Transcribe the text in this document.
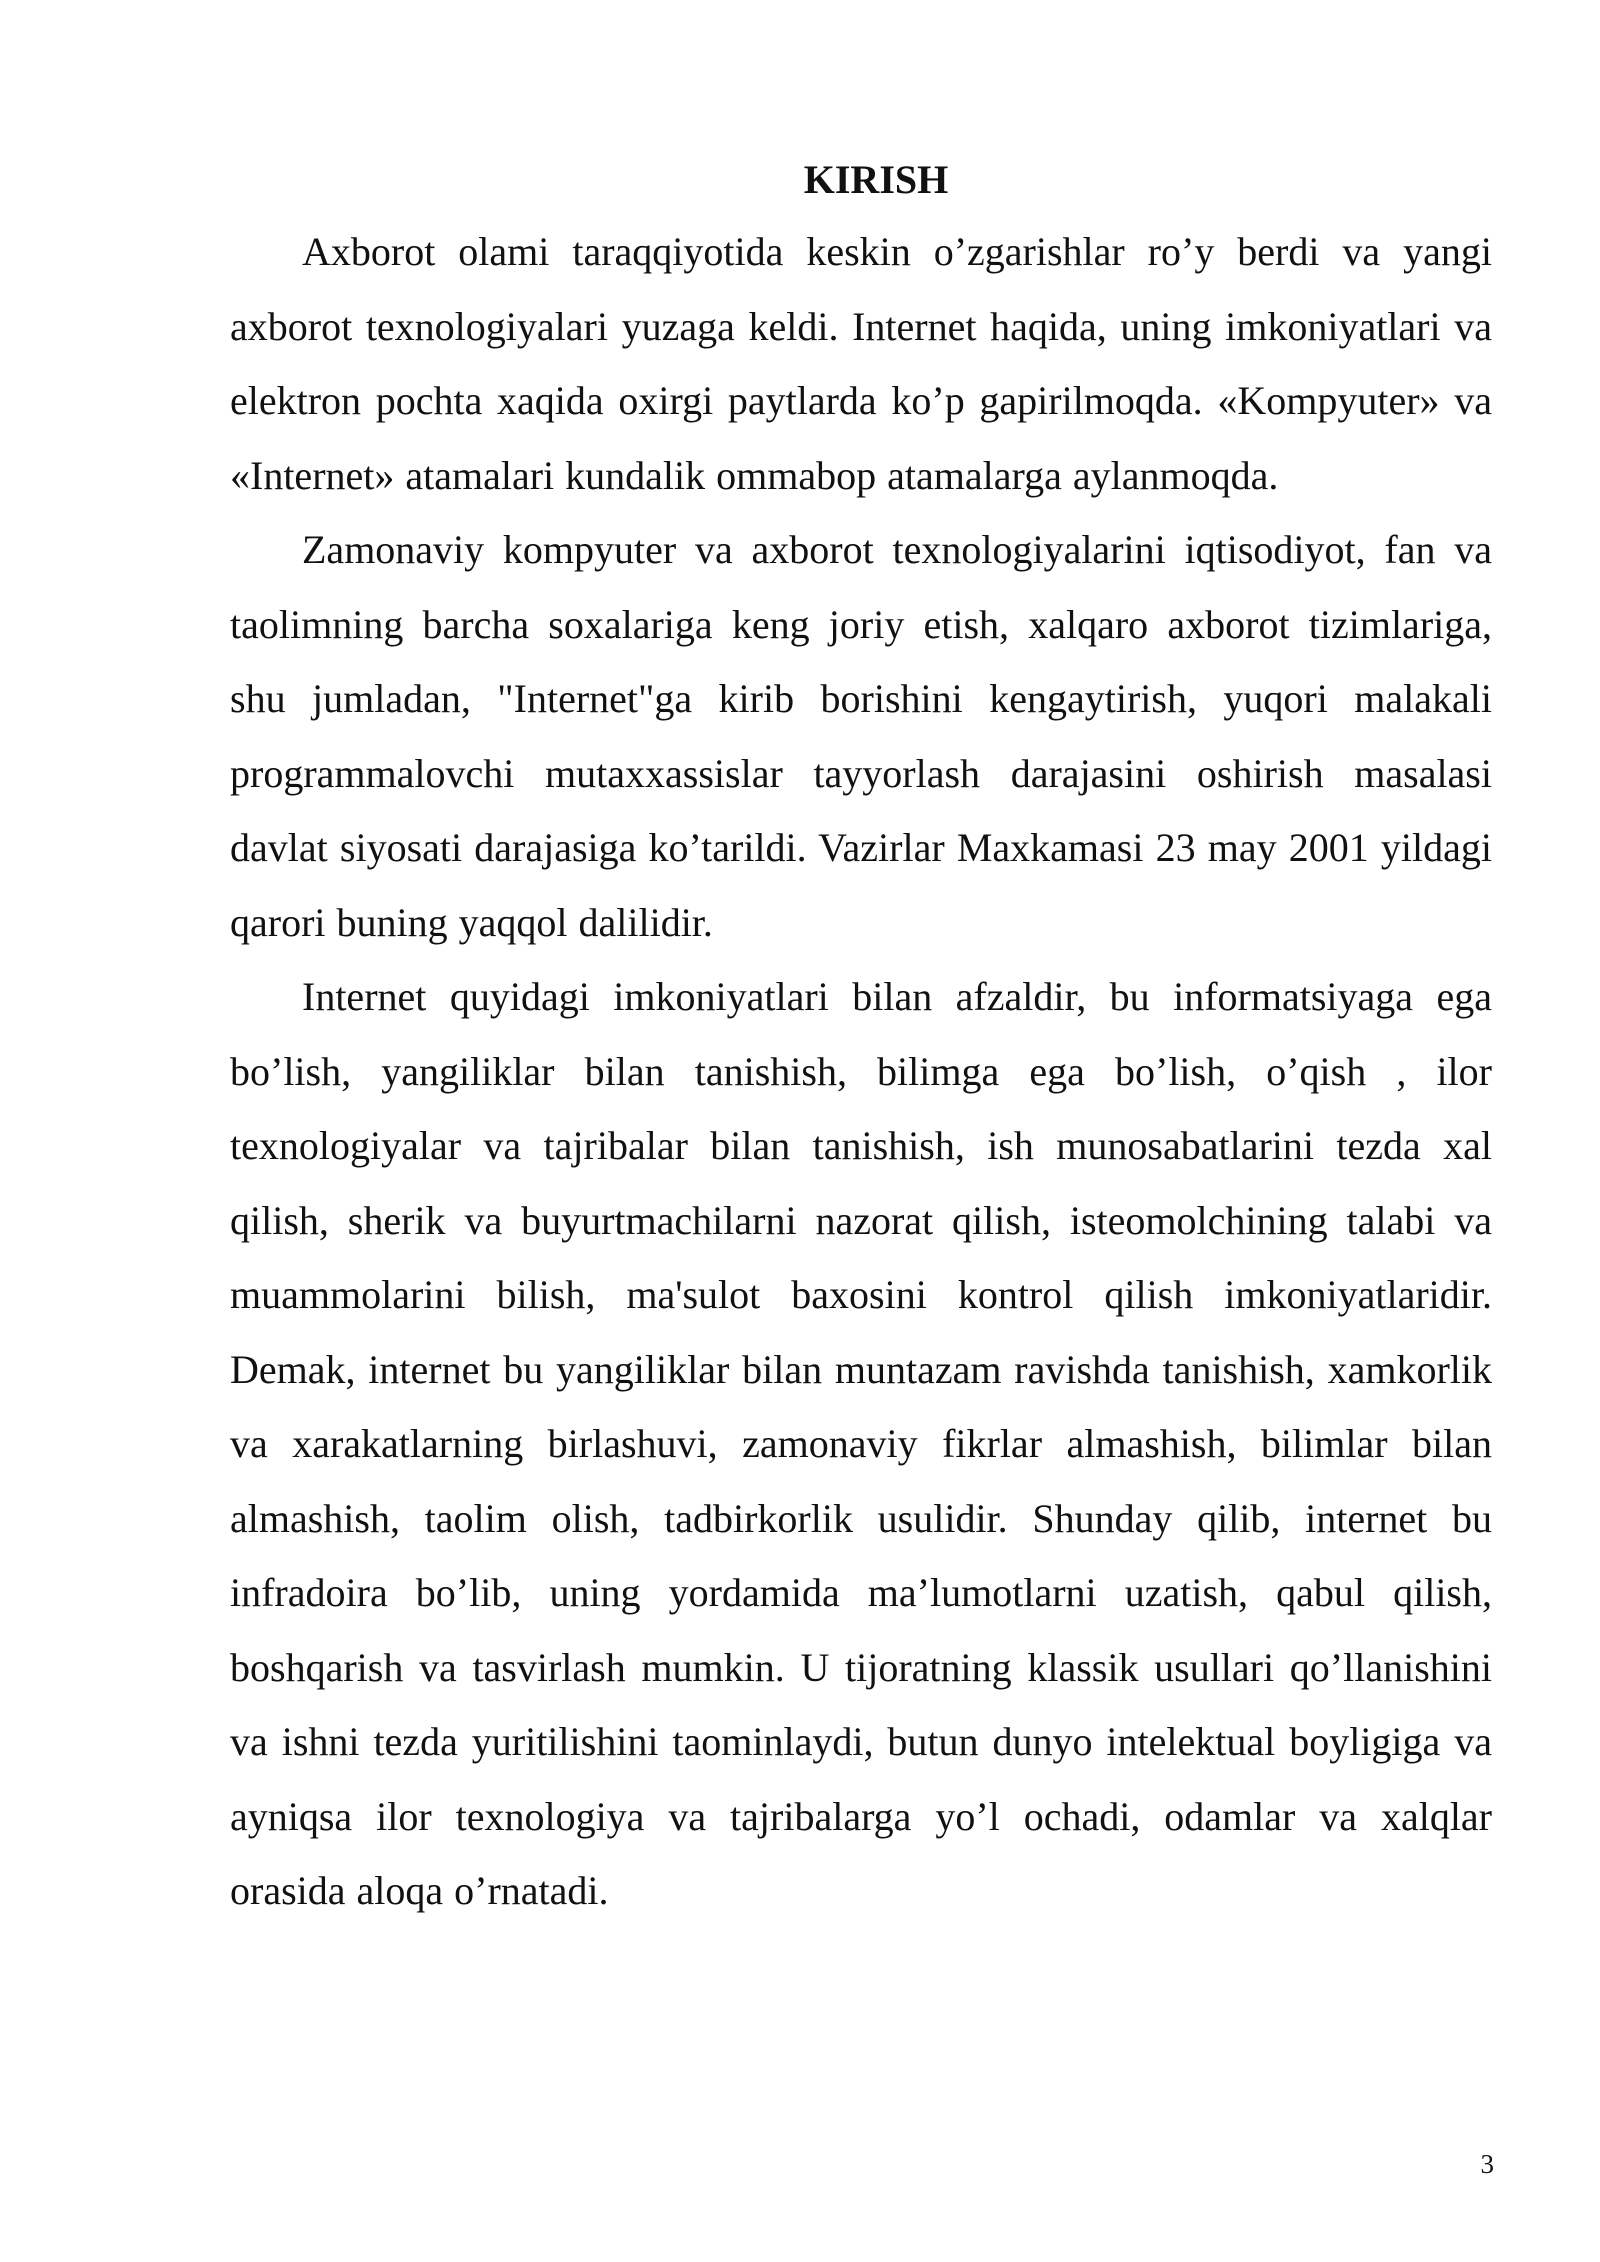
KIRISH

Axborot olami taraqqiyotida keskin o’zgarishlar ro’y berdi va yangi axborot texnologiyalari yuzaga keldi. Internet haqida, uning imkoniyatlari va elektron pochta xaqida oxirgi paytlarda ko’p gapirilmoqda. «Kompyuter» va «Internet» atamalari kundalik ommabop atamalarga aylanmoqda.

Zamonaviy kompyuter va axborot texnologiyalarini iqtisodiyot, fan va taolimning barcha soxalariga keng joriy etish, xalqaro axborot tizimlariga, shu jumladan, "Internet"ga kirib borishini kengaytirish, yuqori malakali programmalovchi mutaxxassislar tayyorlash darajasini oshirish masalasi davlat siyosati darajasiga ko’tarildi. Vazirlar Maxkamasi 23 may 2001 yildagi qarori buning yaqqol dalilidir.

Internet quyidagi imkoniyatlari bilan afzaldir, bu informatsiyaga ega bo’lish, yangiliklar bilan tanishish, bilimga ega bo’lish, o’qish , ilor texnologiyalar va tajribalar bilan tanishish, ish munosabatlarini tezda xal qilish, sherik va buyurtmachilarni nazorat qilish, isteomolchining talabi va muammolarini bilish, ma'sulot baxosini kontrol qilish imkoniyatlaridir. Demak, internet bu yangiliklar bilan muntazam ravishda tanishish, xamkorlik va xarakatlarning birlashuvi, zamonaviy fikrlar almashish, bilimlar bilan almashish, taolim olish, tadbirkorlik usulidir. Shunday qilib, internet bu infradoira bo’lib, uning yordamida ma’lumotlarni uzatish, qabul qilish, boshqarish va tasvirlash mumkin. U tijoratning klassik usullari qo’llanishini va ishni tezda yuritilishini taominlaydi, butun dunyo intelektual boyligiga va ayniqsa ilor texnologiya va tajribalarga yo’l ochadi, odamlar va xalqlar orasida aloqa o’rnatadi.

3
